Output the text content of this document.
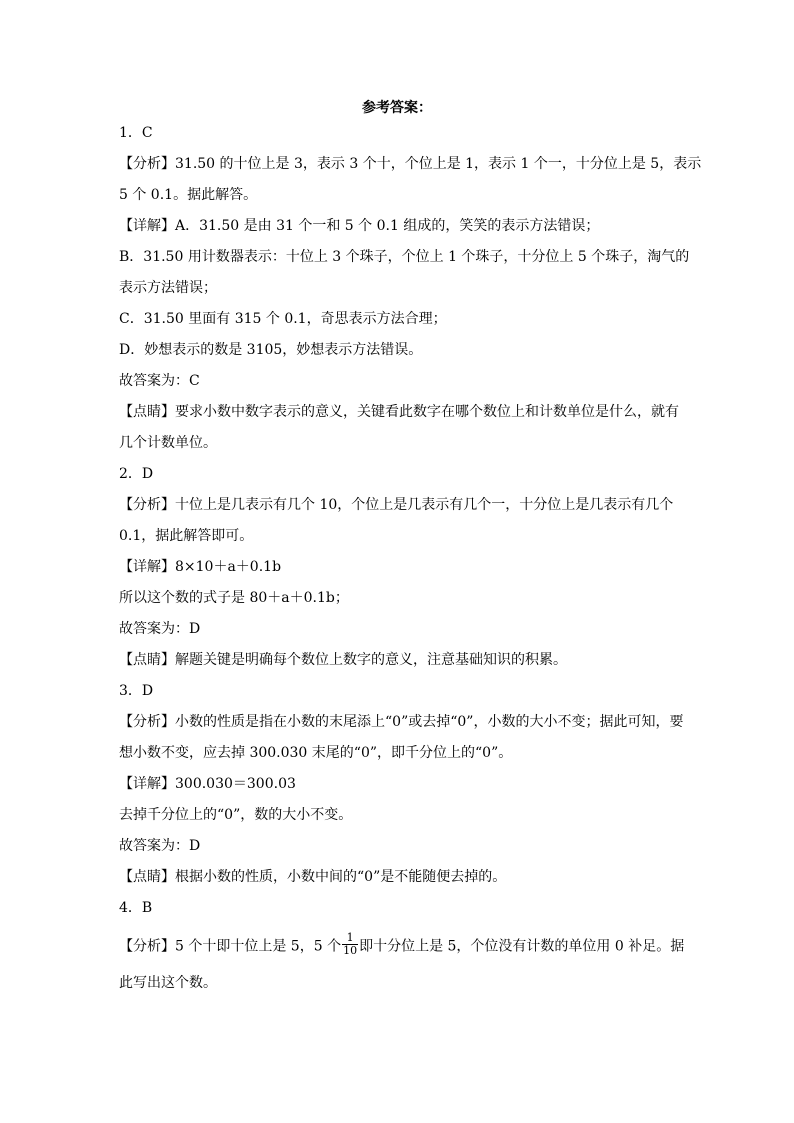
参考答案：
1．C
【分析】31.50 的十位上是 3，表示 3 个十，个位上是 1，表示 1 个一，十分位上是 5，表示
5 个 0.1。据此解答。
【详解】A．31.50 是由 31 个一和 5 个 0.1 组成的，笑笑的表示方法错误；
B．31.50 用计数器表示：十位上 3 个珠子，个位上 1 个珠子，十分位上 5 个珠子，淘气的
表示方法错误；
C．31.50 里面有 315 个 0.1，奇思表示方法合理；
D．妙想表示的数是 3105，妙想表示方法错误。
故答案为：C
【点睛】要求小数中数字表示的意义，关键看此数字在哪个数位上和计数单位是什么，就有
几个计数单位。
2．D
【分析】十位上是几表示有几个 10，个位上是几表示有几个一，十分位上是几表示有几个
0.1，据此解答即可。
【详解】8×10＋a＋0.1b
所以这个数的式子是 80＋a＋0.1b；
故答案为：D
【点睛】解题关键是明确每个数位上数字的意义，注意基础知识的积累。
3．D
【分析】小数的性质是指在小数的末尾添上“0”或去掉“0”，小数的大小不变；据此可知，要
想小数不变，应去掉 300.030 末尾的“0”，即千分位上的“0”。
【详解】300.030＝300.03
去掉千分位上的“0”，数的大小不变。
故答案为：D
【点睛】根据小数的性质，小数中间的“0”是不能随便去掉的。
4．B
【分析】5 个十即十位上是 5，5 个 $\frac{1}{10}$ 即十分位上是 5，个位没有计数的单位用 0 补足。据
此写出这个数。
